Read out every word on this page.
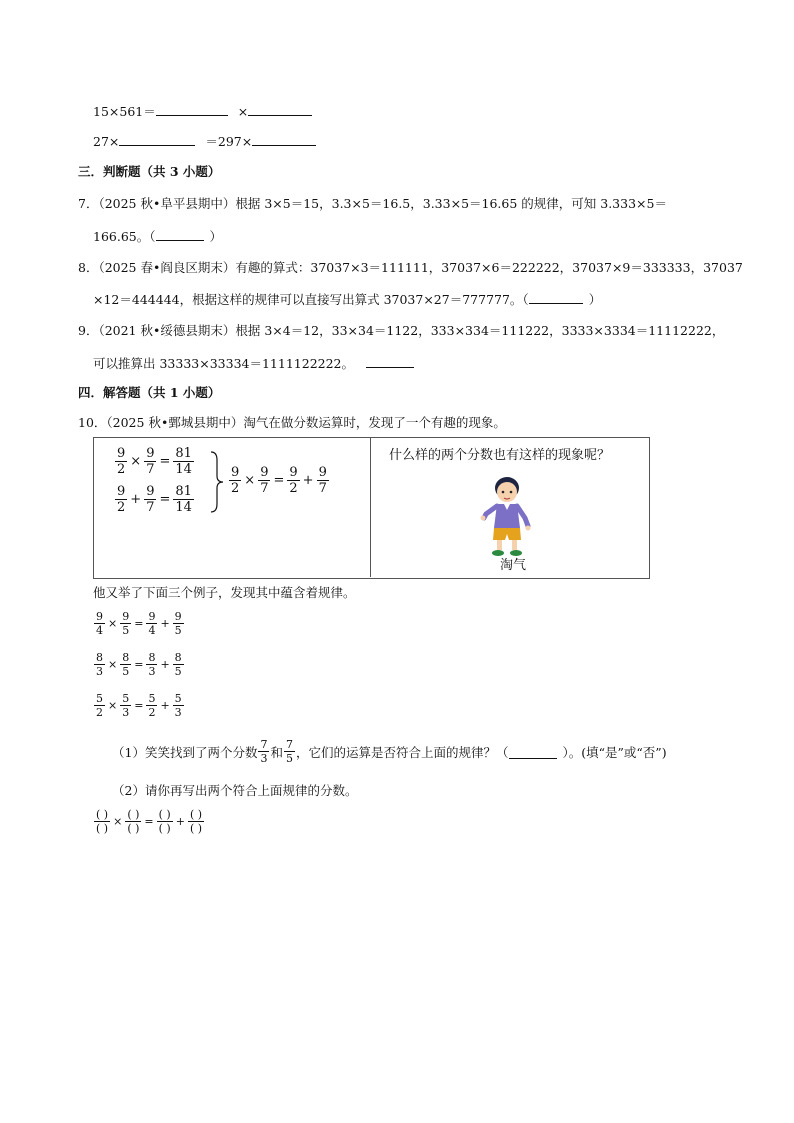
15×561＝	×
27×	＝297×
三．判断题（共 3 小题）
7．（2025 秋•阜平县期中）根据 3×5＝15，3.3×5＝16.5，3.33×5＝16.65 的规律，可知 3.333×5＝
166.65。（	）
8．（2025 春•阎良区期末）有趣的算式：37037×3＝111111，37037×6＝222222，37037×9＝333333，37037
×12＝444444，根据这样的规律可以直接写出算式 37037×27＝777777。（	）
9．（2021 秋•绥德县期末）根据 3×4＝12，33×34＝1122，333×334＝111222，3333×3334＝11112222，
可以推算出 33333×33334＝1111122222。
四．解答题（共 1 小题）
10．（2025 秋•鄄城县期中）淘气在做分数运算时，发现了一个有趣的现象。
$\frac{9}{2} \times \frac{9}{7} = \frac{81}{14}$
$\frac{9}{2} + \frac{9}{7} = \frac{81}{14}$
$\frac{9}{2} \times \frac{9}{7} = \frac{9}{2} + \frac{9}{7}$
什么样的两个分数也有这样的现象呢？
淘气
他又举了下面三个例子，发现其中蕴含着规律。
$\frac{9}{4} \times \frac{9}{5} = \frac{9}{4} + \frac{9}{5}$
$\frac{8}{3} \times \frac{8}{5} = \frac{8}{3} + \frac{8}{5}$
$\frac{5}{2} \times \frac{5}{3} = \frac{5}{2} + \frac{5}{3}$
（1）笑笑找到了两个分数 $\frac{7}{3}$ 和 $\frac{7}{5}$ ，它们的运算是否符合上面的规律？（	）。(填“是”或“否”)
（2）请你再写出两个符合上面规律的分数。
$\frac{( )}{( )} \times \frac{( )}{( )} = \frac{( )}{( )} + \frac{( )}{( )}$
